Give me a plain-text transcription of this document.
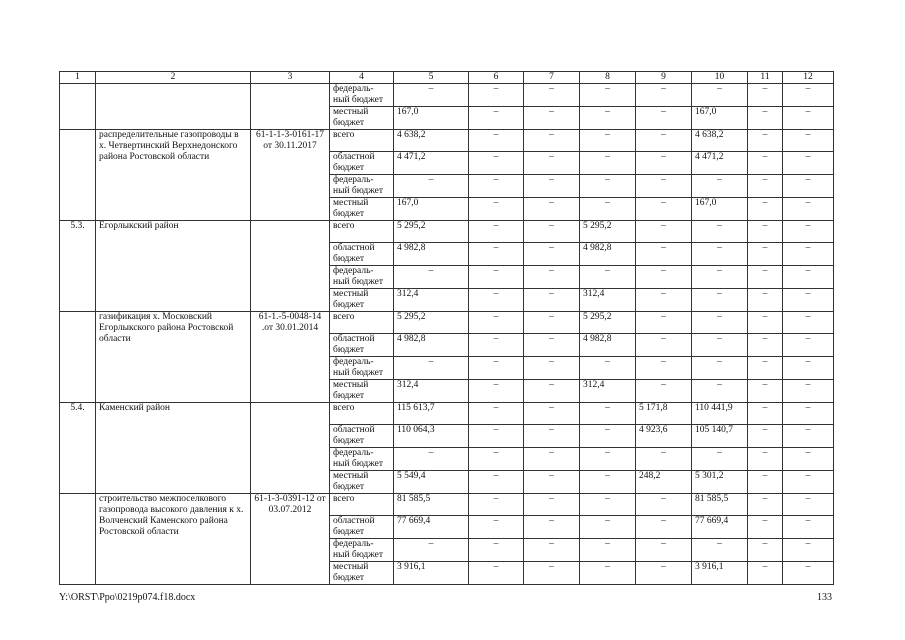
1	2	3	4	5	6	7	8	9	10	11	12
			федераль-ный бюджет	–	–	–	–	–	–	–	–
			местный бюджет	167,0	–	–	–	–	167,0	–	–
	распределительные газопроводы в х. Четвертинский Верхнедонского района Ростовской области	61-1-1-3-0161-17 от 30.11.2017	всего	4 638,2	–	–	–	–	4 638,2	–	–
			областной бюджет	4 471,2	–	–	–	–	4 471,2	–	–
			федераль-ный бюджет	–	–	–	–	–	–	–	–
			местный бюджет	167,0	–	–	–	–	167,0	–	–
5.3.	Егорлыкский район		всего	5 295,2	–	–	5 295,2	–	–	–	–
			областной бюджет	4 982,8	–	–	4 982,8	–	–	–	–
			федераль-ный бюджет	–	–	–	–	–	–	–	–
			местный бюджет	312,4	–	–	312,4	–	–	–	–
	газификация х. Московский Егорлыкского района Ростовской области	61-1.-5-0048-14 .от 30.01.2014	всего	5 295,2	–	–	5 295,2	–	–	–	–
			областной бюджет	4 982,8	–	–	4 982,8	–	–	–	–
			федераль-ный бюджет	–	–	–	–	–	–	–	–
			местный бюджет	312,4	–	–	312,4	–	–	–	–
5.4.	Каменский район		всего	115 613,7	–	–	–	5 171,8	110 441,9	–	–
			областной бюджет	110 064,3	–	–	–	4 923,6	105 140,7	–	–
			федераль-ный бюджет	–	–	–	–	–	–	–	–
			местный бюджет	5 549,4	–	–	–	248,2	5 301,2	–	–
	строительство межпоселкового газопровода высокого давления к х. Волченский Каменского района Ростовской области	61-1-3-0391-12 от 03.07.2012	всего	81 585,5	–	–	–	–	81 585,5	–	–
			областной бюджет	77 669,4	–	–	–	–	77 669,4	–	–
			федераль-ный бюджет	–	–	–	–	–	–	–	–
			местный бюджет	3 916,1	–	–	–	–	3 916,1	–	–
Y:\ORST\Ppo\0219p074.f18.docx	133
